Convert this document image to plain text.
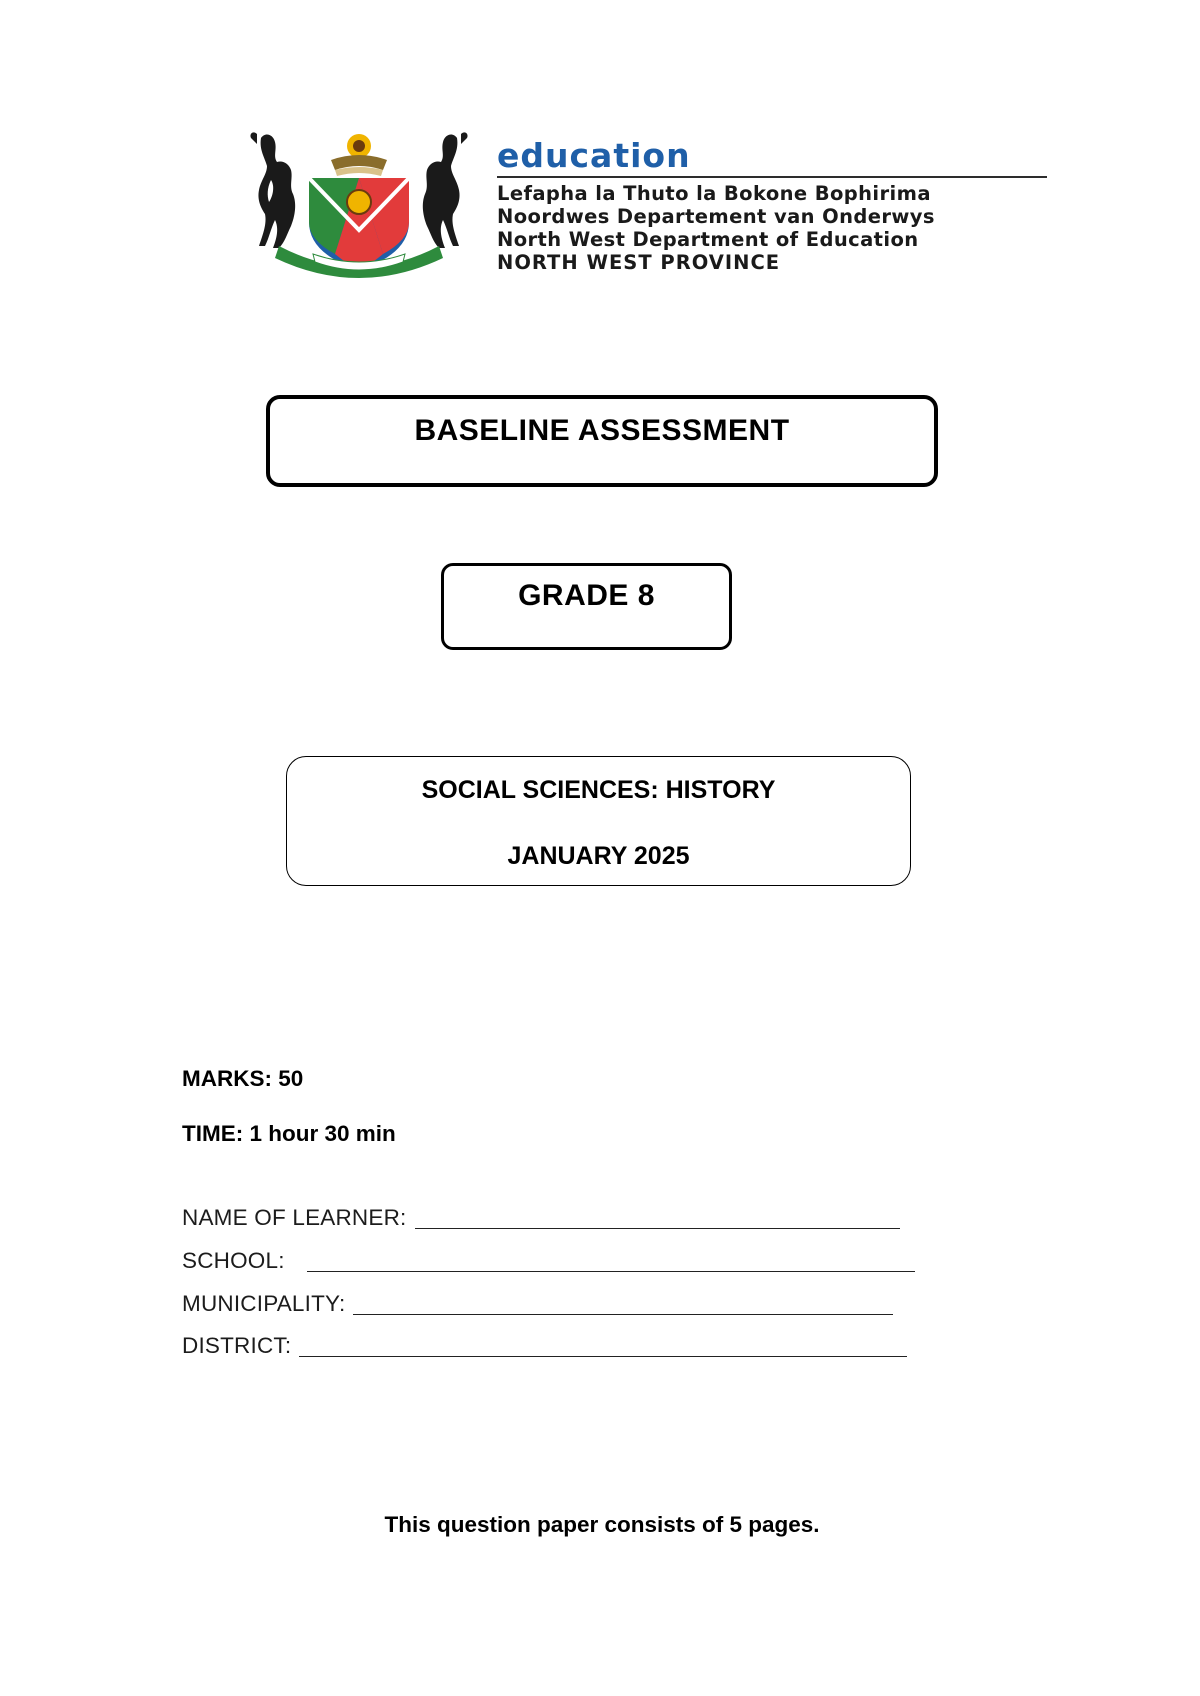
education
Lefapha la Thuto la Bokone Bophirima
Noordwes Departement van Onderwys
North West Department of Education
NORTH WEST PROVINCE
BASELINE ASSESSMENT
GRADE 8
SOCIAL SCIENCES: HISTORY
JANUARY 2025
MARKS: 50
TIME: 1 hour 30 min
NAME OF LEARNER:
SCHOOL:
MUNICIPALITY:
DISTRICT:
This question paper consists of 5 pages.
